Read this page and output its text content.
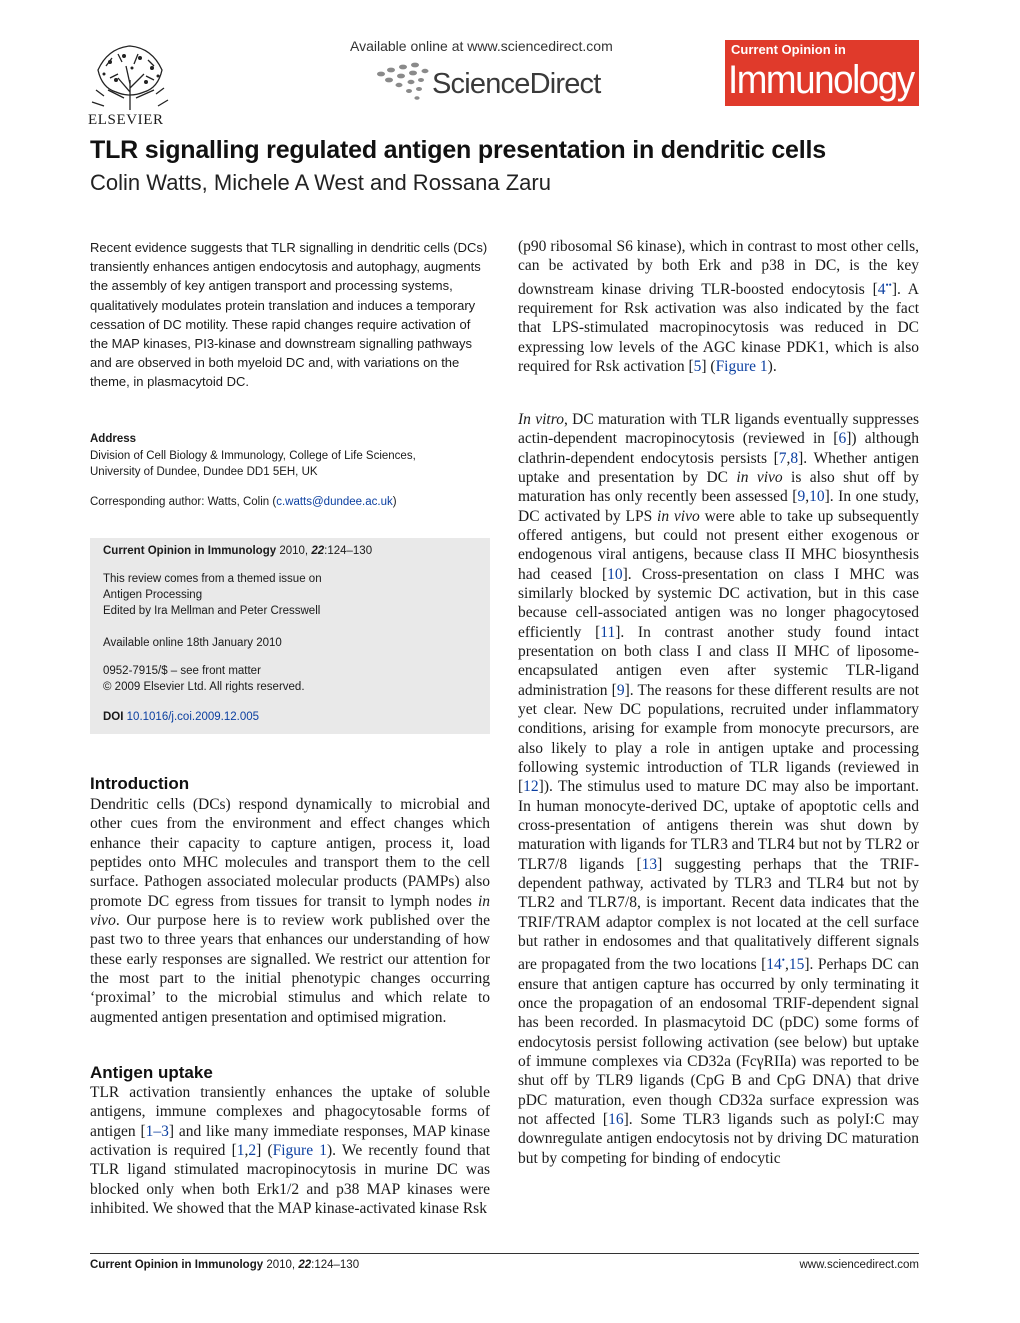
ELSEVIER
Available online at www.sciencedirect.com
ScienceDirect
Current Opinion in
Immunology
TLR signalling regulated antigen presentation in dendritic cells
Colin Watts, Michele A West and Rossana Zaru
Recent evidence suggests that TLR signalling in dendritic cells (DCs) transiently enhances antigen endocytosis and autophagy, augments the assembly of key antigen transport and processing systems, qualitatively modulates protein translation and induces a temporary cessation of DC motility. These rapid changes require activation of the MAP kinases, PI3-kinase and downstream signalling pathways and are observed in both myeloid DC and, with variations on the theme, in plasmacytoid DC.
Address
Division of Cell Biology & Immunology, College of Life Sciences,
University of Dundee, Dundee DD1 5EH, UK
Corresponding author: Watts, Colin (c.watts@dundee.ac.uk)
Current Opinion in Immunology 2010, 22:124–130
This review comes from a themed issue on
Antigen Processing
Edited by Ira Mellman and Peter Cresswell
Available online 18th January 2010
0952-7915/$ – see front matter
© 2009 Elsevier Ltd. All rights reserved.
DOI 10.1016/j.coi.2009.12.005
Introduction
Dendritic cells (DCs) respond dynamically to microbial and other cues from the environment and effect changes which enhance their capacity to capture antigen, process it, load peptides onto MHC molecules and transport them to the cell surface. Pathogen associated molecular products (PAMPs) also promote DC egress from tissues for transit to lymph nodes in vivo. Our purpose here is to review work published over the past two to three years that enhances our understanding of how these early responses are signalled. We restrict our attention for the most part to the initial phenotypic changes occurring ‘proximal’ to the microbial stimulus and which relate to augmented antigen presentation and optimised migration.
Antigen uptake
TLR activation transiently enhances the uptake of soluble antigens, immune complexes and phagocytosable forms of antigen [1–3] and like many immediate responses, MAP kinase activation is required [1,2] (Figure 1). We recently found that TLR ligand stimulated macropinocytosis in murine DC was blocked only when both Erk1/2 and p38 MAP kinases were inhibited. We showed that the MAP kinase-activated kinase Rsk
(p90 ribosomal S6 kinase), which in contrast to most other cells, can be activated by both Erk and p38 in DC, is the key downstream kinase driving TLR-boosted endocytosis [4••]. A requirement for Rsk activation was also indicated by the fact that LPS-stimulated macropinocytosis was reduced in DC expressing low levels of the AGC kinase PDK1, which is also required for Rsk activation [5] (Figure 1).
In vitro, DC maturation with TLR ligands eventually suppresses actin-dependent macropinocytosis (reviewed in [6]) although clathrin-dependent endocytosis persists [7,8]. Whether antigen uptake and presentation by DC in vivo is also shut off by maturation has only recently been assessed [9,10]. In one study, DC activated by LPS in vivo were able to take up subsequently offered antigens, but could not present either exogenous or endogenous viral antigens, because class II MHC biosynthesis had ceased [10]. Cross-presentation on class I MHC was similarly blocked by systemic DC activation, but in this case because cell-associated antigen was no longer phagocytosed efficiently [11]. In contrast another study found intact presentation on both class I and class II MHC of liposome-encapsulated antigen even after systemic TLR-ligand administration [9]. The reasons for these different results are not yet clear. New DC populations, recruited under inflammatory conditions, arising for example from monocyte precursors, are also likely to play a role in antigen uptake and processing following systemic introduction of TLR ligands (reviewed in [12]). The stimulus used to mature DC may also be important. In human monocyte-derived DC, uptake of apoptotic cells and cross-presentation of antigens therein was shut down by maturation with ligands for TLR3 and TLR4 but not by TLR2 or TLR7/8 ligands [13] suggesting perhaps that the TRIF-dependent pathway, activated by TLR3 and TLR4 but not by TLR2 and TLR7/8, is important. Recent data indicates that the TRIF/TRAM adaptor complex is not located at the cell surface but rather in endosomes and that qualitatively different signals are propagated from the two locations [14•,15]. Perhaps DC can ensure that antigen capture has occurred by only terminating it once the propagation of an endosomal TRIF-dependent signal has been recorded. In plasmacytoid DC (pDC) some forms of endocytosis persist following activation (see below) but uptake of immune complexes via CD32a (FcγRIIa) was reported to be shut off by TLR9 ligands (CpG B and CpG DNA) that drive pDC maturation, even though CD32a surface expression was not affected [16]. Some TLR3 ligands such as polyI:C may downregulate antigen endocytosis not by driving DC maturation but by competing for binding of endocytic
Current Opinion in Immunology 2010, 22:124–130	www.sciencedirect.com
